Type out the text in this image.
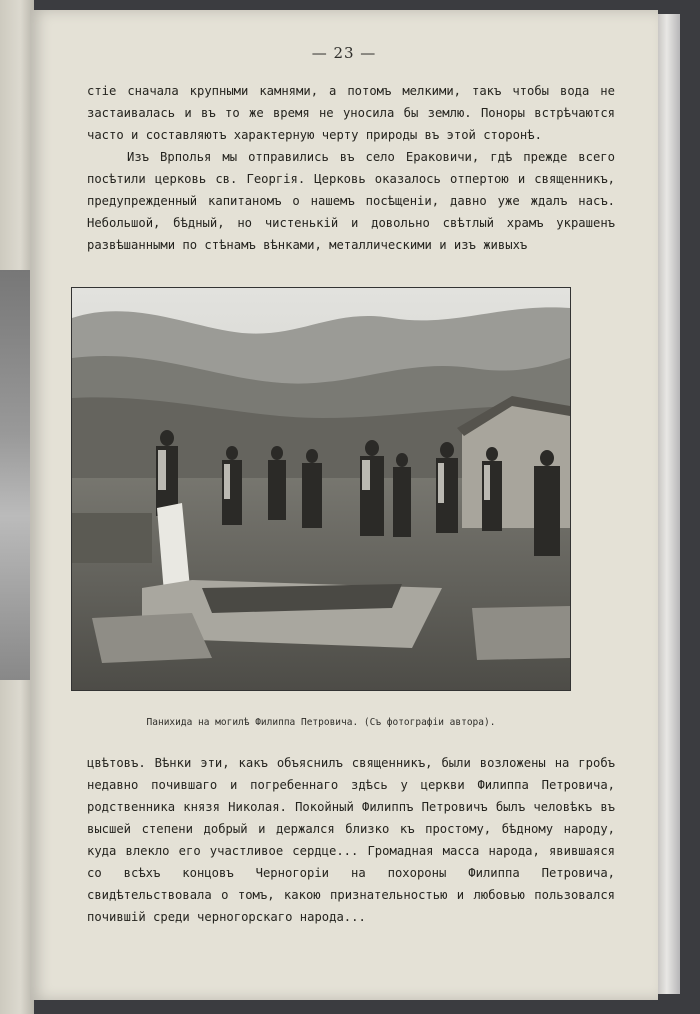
— 23 —

стіе сначала крупными камнями, а потомъ мелкими, такъ чтобы вода не застаивалась и въ то же время не уносила бы землю. Поноры встрѣчаются часто и составляютъ характерную черту природы въ этой сторонѣ.

Изъ Врполья мы отправились въ село Ераковичи, гдѣ прежде всего посѣтили церковь св. Георгія. Церковь оказалось отпертою и священникъ, предупрежденный капитаномъ о нашемъ посѣщеніи, давно уже ждалъ насъ. Небольшой, бѣдный, но чистенькій и довольно свѣтлый храмъ украшенъ развѣшанными по стѣнамъ вѣнками, металлическими и изъ живыхъ

Панихида на могилѣ Филиппа Петровича. (Съ фотографіи автора).

цвѣтовъ. Вѣнки эти, какъ объяснилъ священникъ, были возложены на гробъ недавно почившаго и погребеннаго здѣсь у церкви Филиппа Петровича, родственника князя Николая. Покойный Филиппъ Петровичъ былъ человѣкъ въ высшей степени добрый и держался близко къ простому, бѣдному народу, куда влекло его участливое сердце... Громадная масса народа, явившаяся со всѣхъ концовъ Черногоріи на похороны Филиппа Петровича, свидѣтельствовала о томъ, какою признательностью и любовью пользовался почившій среди черногорскаго народа...
